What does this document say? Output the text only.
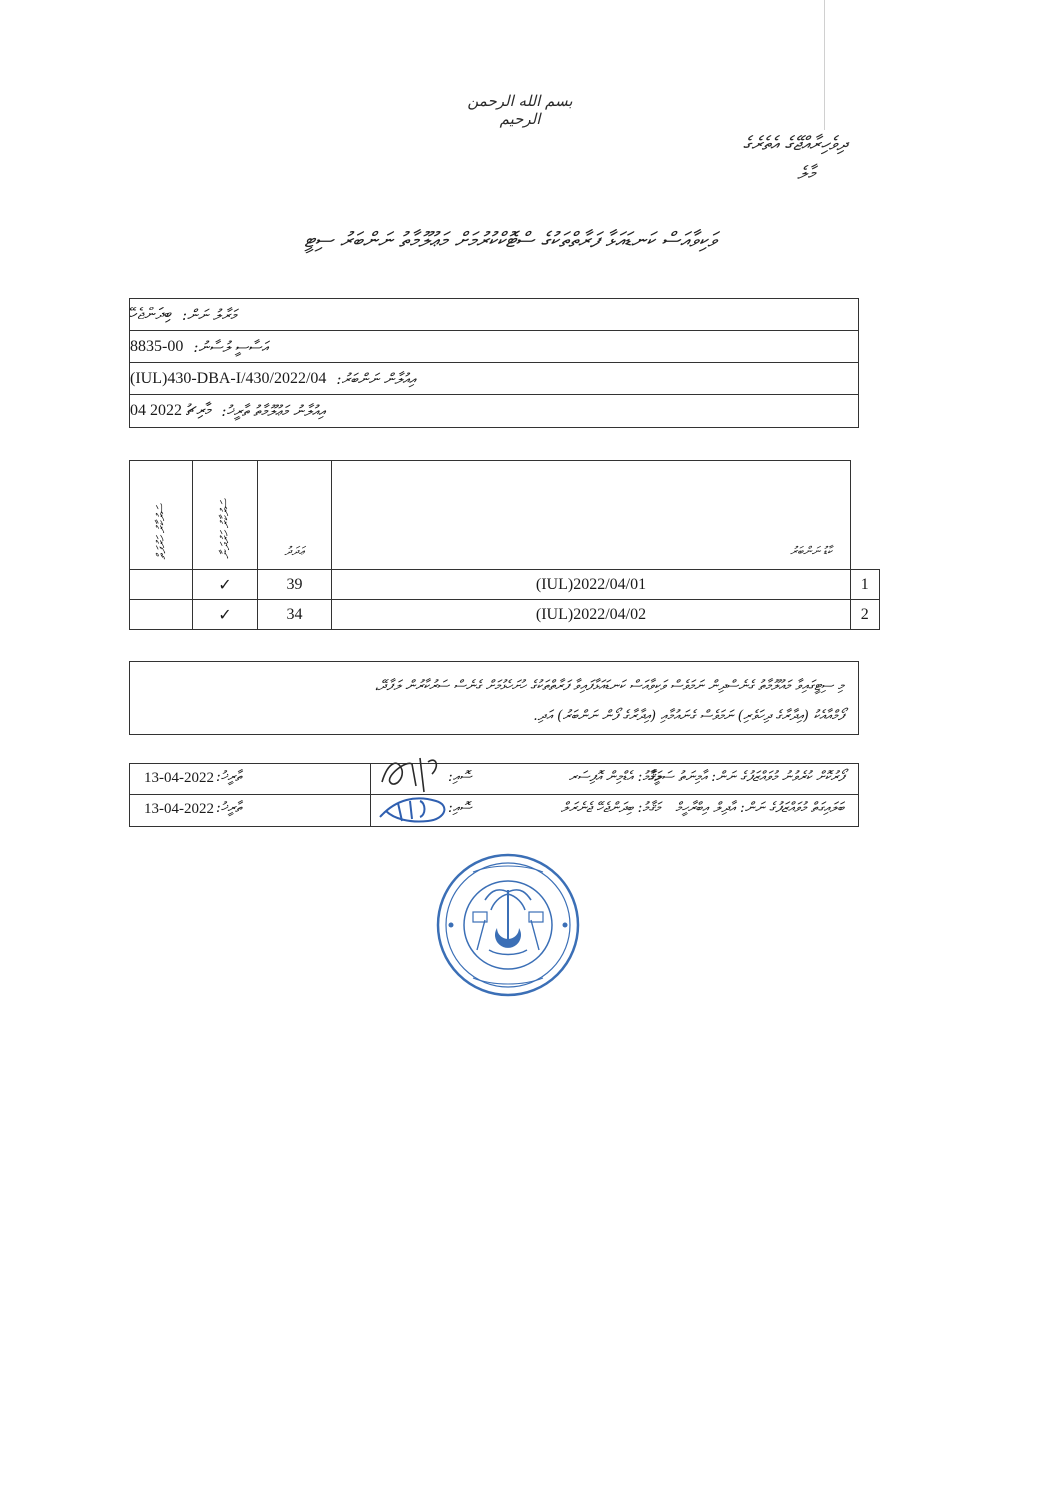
بسم الله الرحمن الرحيم
ދިވެހިރާއްޖޭގެ އެތެރެގެ
މާލެ
ވަކިވާއަސް ކަނޑައަޅާ ފަރާތްތަކުގެ ސްޓޮކްކުރުމަށް މަޢުލޫމާތު ނަންބަރު ސިޓީ
މަރާލު ނަން:
ބިދަންޖެހޭ
އަސާސީ ލުސާނު:
8835-00
އިއުލާން ނަންބަރު:
(IUL)430-DBA-I/430/2022/04
އިއުލާނު މަޢުލޫމާތު ތާރީޚު:
04 މާރިޗު 2022
ސަރުކާރު ހަރުފަތް	ސަރުކާރު ހަރުދަނާ	ޢަދަދު	ކާޑު ނަންބަރު	

	✓	39	(IUL)2022/04/01	1
	✓	34	(IUL)2022/04/02	2
މި ސިޓީގައިވާ މައުލޫމާތު ގެނެސްދިން ނަމަވެސް ވަކިވާއަސް ކަނޑައަޅާފައިވާ ފަރާތްތަކުގެ ހުށަހެޅުމަށް ގެނެސް ސަރުކާރުން ލަފާދޭ،
ފޯމްއާއެކު (އިދާރާގެ ދިހަވެރި) ނަމަވެސް ގެނައުމާއި (އިދާރާގެ ފޯން ނަންބަރު) އަދި.
13-04-2022 ތާރީޚު:	ސޮއި:	މަޤާމު: އެޑްމިން އޮފިސަރ
ފޯރުކޮށް ކުރެވުނު މުވައްޒަފުގެ ނަން: އާމިނަތު ސަލީމާ
13-04-2022 ތާރީޚު:	ސޮއި:	މަޤާމު: ބިދަންޖެހޭ ޖެނެރަލް ބަލައިގަތް މުވައްޒަފުގެ ނަން: އާދިލް އިބްރާހީމް
